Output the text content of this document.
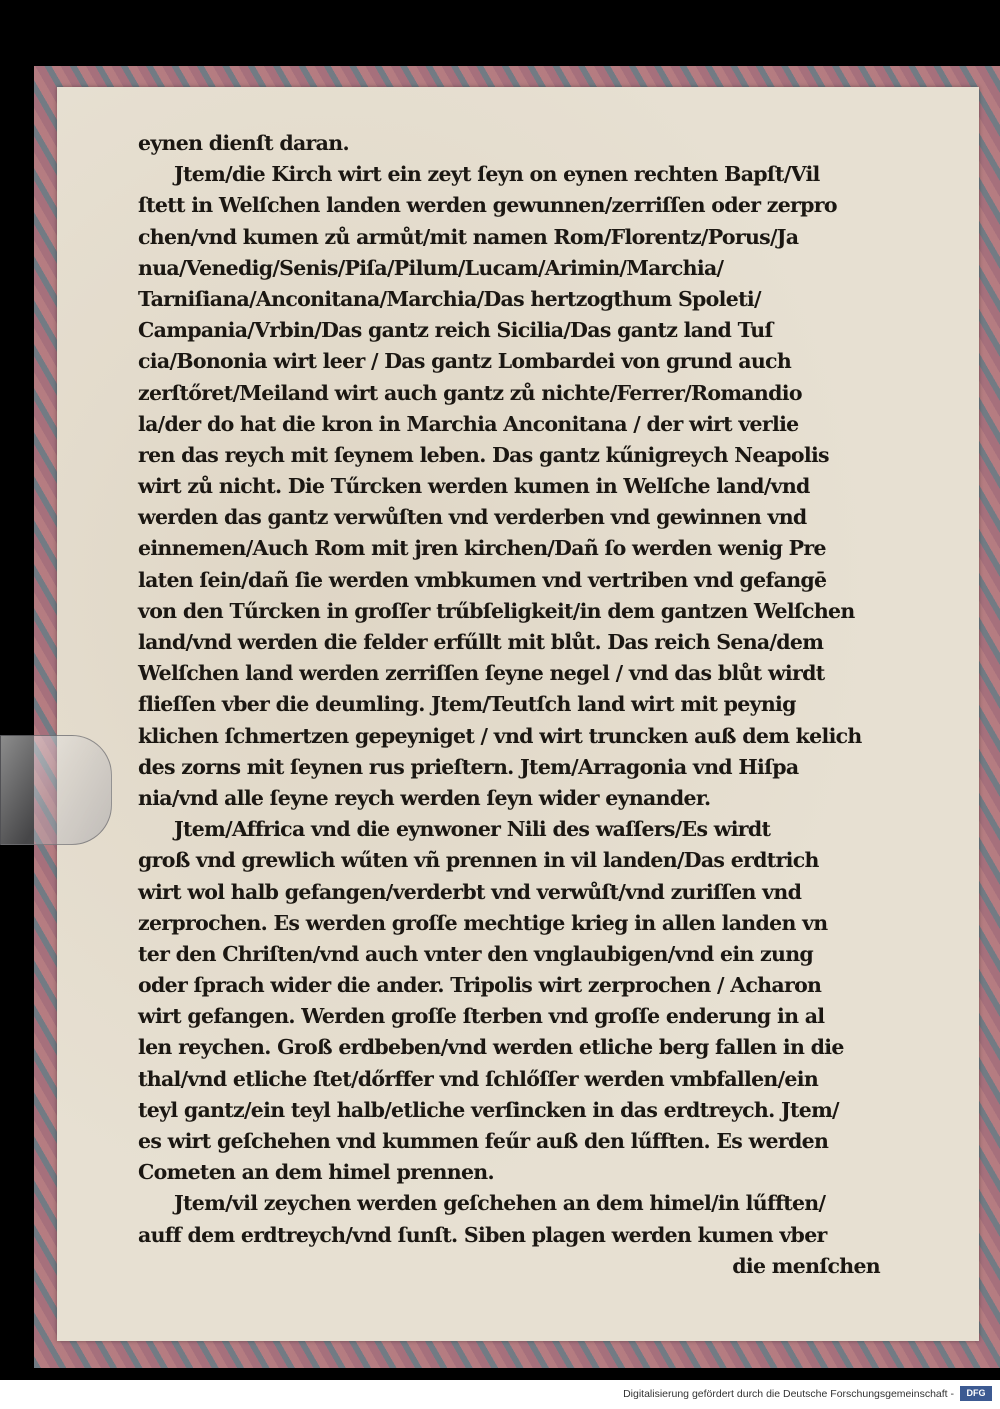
eynen dienſt daran.
Jtem/die Kirch wirt ein zeyt ſeyn on eynen rechten Bapſt/Vil
ſtett in Welſchen landen werden gewunnen/zerriſſen oder zerpro
chen/vnd kumen zů armůt/mit namen Rom/Florentz/Porus/Ja
nua/Venedig/Senis/Piſa/Pilum/Lucam/Arimin/Marchia/
Tarniſiana/Anconitana/Marchia/Das hertzogthum Spoleti/
Campania/Vrbin/Das gantz reich Sicilia/Das gantz land Tuſ
cia/Bononia wirt leer / Das gantz Lombardei von grund auch
zerſtőret/Meiland wirt auch gantz zů nichte/Ferrer/Romandio
la/der do hat die kron in Marchia Anconitana / der wirt verlie
ren das reych mit ſeynem leben. Das gantz kűnigreych Neapolis
wirt zů nicht. Die Tűrcken werden kumen in Welſche land/vnd
werden das gantz verwůſten vnd verderben vnd gewinnen vnd
einnemen/Auch Rom mit jren kirchen/Dañ ſo werden wenig Pre
laten ſein/dañ ſie werden vmbkumen vnd vertriben vnd gefangē
von den Tűrcken in groſſer trűbſeligkeit/in dem gantzen Welſchen
land/vnd werden die felder erfűllt mit blůt. Das reich Sena/dem
Welſchen land werden zerriſſen ſeyne negel / vnd das blůt wirdt
flieſſen vber die deumling. Jtem/Teutſch land wirt mit peynig
klichen ſchmertzen gepeyniget / vnd wirt truncken auß dem kelich
des zorns mit ſeynen rus prieſtern. Jtem/Arragonia vnd Hiſpa
nia/vnd alle ſeyne reych werden ſeyn wider eynander.
Jtem/Affrica vnd die eynwoner Nili des waſſers/Es wirdt
groß vnd grewlich wűten vñ prennen in vil landen/Das erdtrich
wirt wol halb gefangen/verderbt vnd verwůſt/vnd zuriſſen vnd
zerprochen. Es werden groſſe mechtige krieg in allen landen vn
ter den Chriſten/vnd auch vnter den vnglaubigen/vnd ein zung
oder ſprach wider die ander. Tripolis wirt zerprochen / Acharon
wirt gefangen. Werden groſſe ſterben vnd groſſe enderung in al
len reychen. Groß erdbeben/vnd werden etliche berg fallen in die
thal/vnd etliche ſtet/dőrffer vnd ſchlőſſer werden vmbfallen/ein
teyl gantz/ein teyl halb/etliche verſincken in das erdtreych. Jtem/
es wirt geſchehen vnd kummen feűr auß den lűfften. Es werden
Cometen an dem himel prennen.
Jtem/vil zeychen werden geſchehen an dem himel/in lűfften/
auff dem erdtreych/vnd ſunſt. Siben plagen werden kumen vber
die menſchen
Digitalisierung gefördert durch die Deutsche Forschungsgemeinschaft -	DFG
